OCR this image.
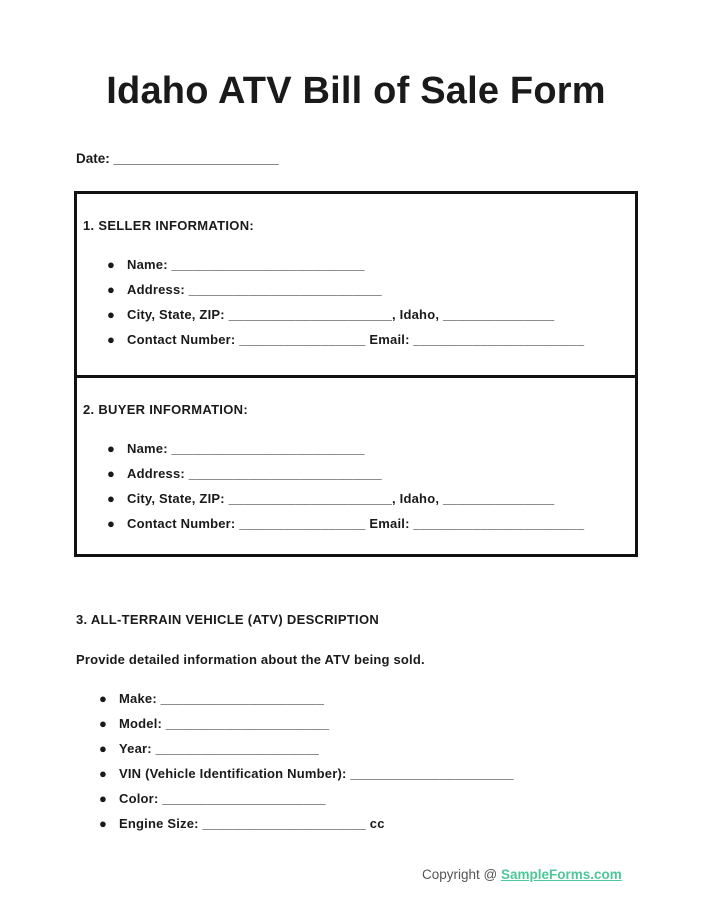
Idaho ATV Bill of Sale Form
Date: ______________________
1. SELLER INFORMATION:
● Name: __________________________
● Address: __________________________
● City, State, ZIP: ______________________, Idaho, _______________
● Contact Number: _________________ Email: _______________________
2. BUYER INFORMATION:
● Name: __________________________
● Address: __________________________
● City, State, ZIP: ______________________, Idaho, _______________
● Contact Number: _________________ Email: _______________________
3. ALL-TERRAIN VEHICLE (ATV) DESCRIPTION
Provide detailed information about the ATV being sold.
● Make: ______________________
● Model: ______________________
● Year: ______________________
● VIN (Vehicle Identification Number): ______________________
● Color: ______________________
● Engine Size: ______________________ cc
Copyright @ SampleForms.com
